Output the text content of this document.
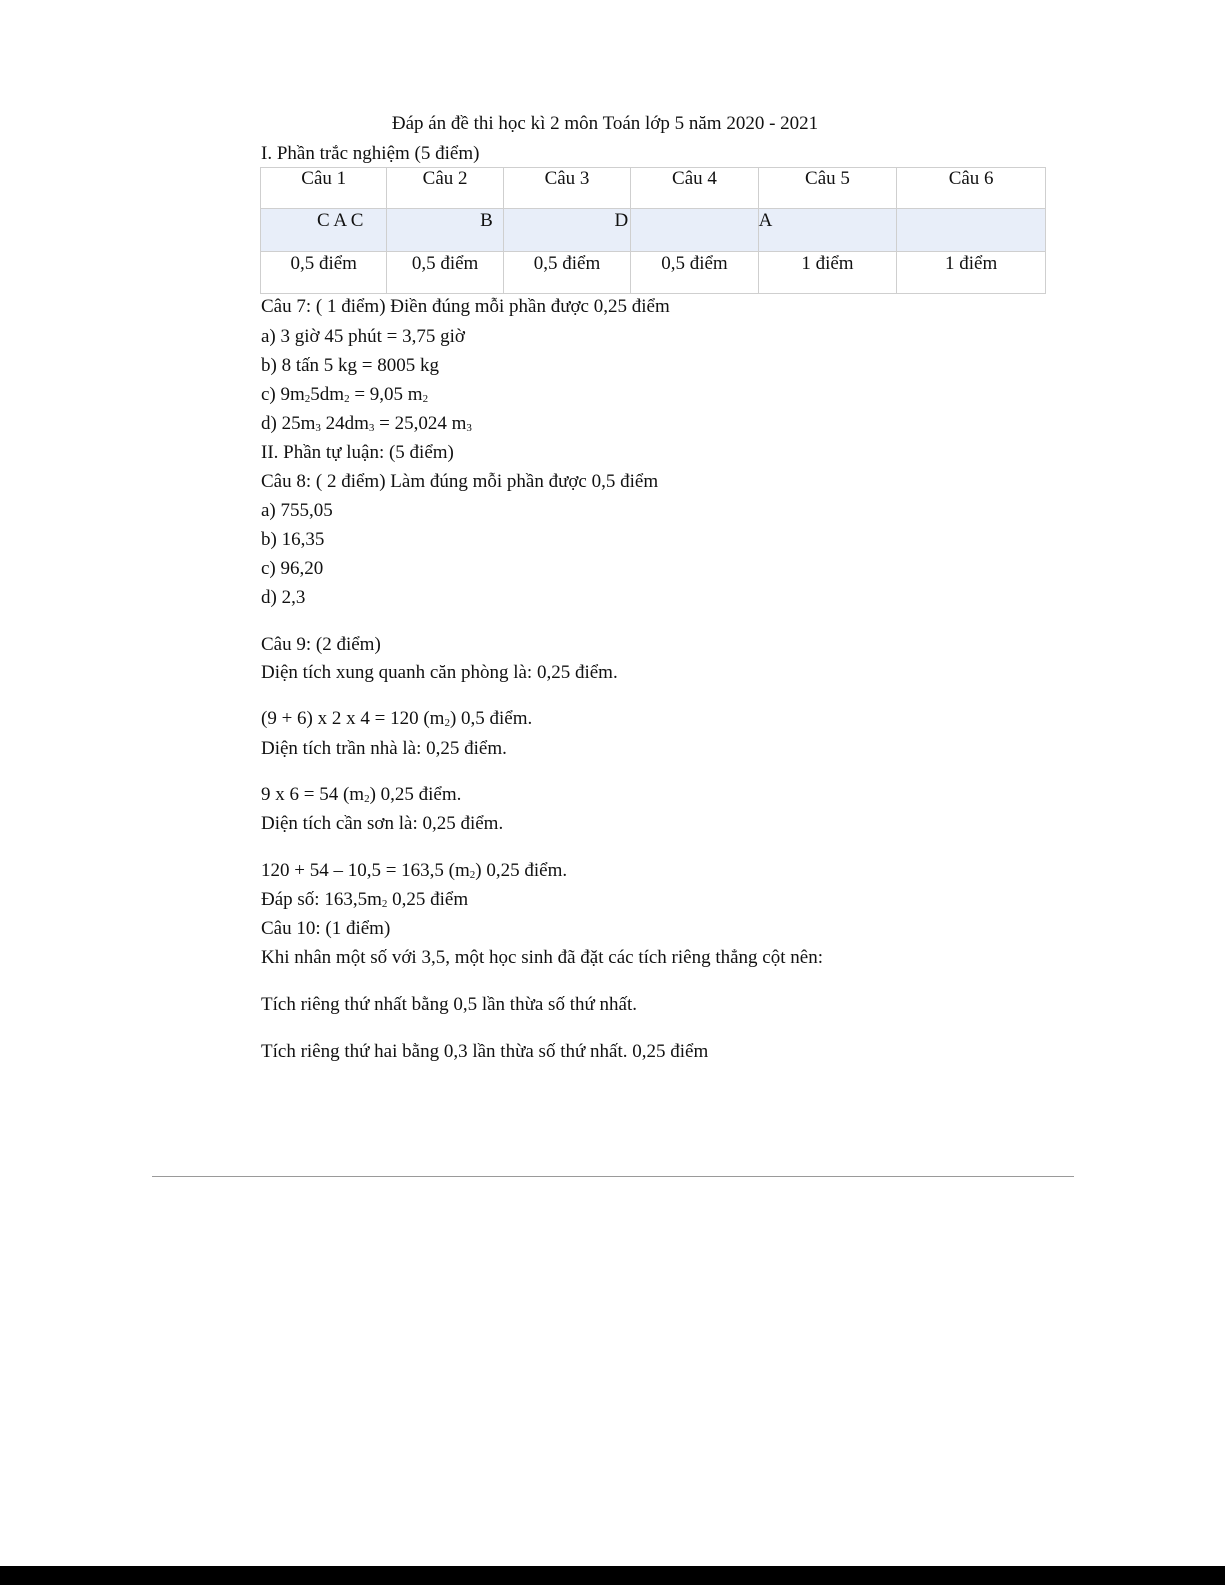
Đáp án đề thi học kì 2 môn Toán lớp 5 năm 2020 - 2021
I. Phần trắc nghiệm (5 điểm)
Câu 1	Câu 2	Câu 3	Câu 4	Câu 5	Câu 6
C A C	B	D		A	
0,5 điểm	0,5 điểm	0,5 điểm	0,5 điểm	1 điểm	1 điểm
Câu 7: ( 1 điểm) Điền đúng mỗi phần được 0,25 điểm
a) 3 giờ 45 phút = 3,75 giờ
b) 8 tấn 5 kg = 8005 kg
c) $9m_25dm_2 = 9,05$ $m_2$
d) $25m_3$ $24dm_3 = 25,024$ $m_3$
II. Phần tự luận: (5 điểm)
Câu 8: ( 2 điểm) Làm đúng mỗi phần được 0,5 điểm
a) 755,05
b) 16,35
c) 96,20
d) 2,3
Câu 9: (2 điểm)
Diện tích xung quanh căn phòng là: 0,25 điểm.
(9 + 6) x 2 x 4 = 120 $(m_2)$ 0,5 điểm.
Diện tích trần nhà là: 0,25 điểm.
9 x 6 = 54 $(m_2)$ 0,25 điểm.
Diện tích cần sơn là: 0,25 điểm.
120 + 54 – 10,5 = 163,5 $(m_2)$ 0,25 điểm.
Đáp số: $163,5m_2$ 0,25 điểm
Câu 10: (1 điểm)
Khi nhân một số với 3,5, một học sinh đã đặt các tích riêng thẳng cột nên:
Tích riêng thứ nhất bằng 0,5 lần thừa số thứ nhất.
Tích riêng thứ hai bằng 0,3 lần thừa số thứ nhất. 0,25 điểm
